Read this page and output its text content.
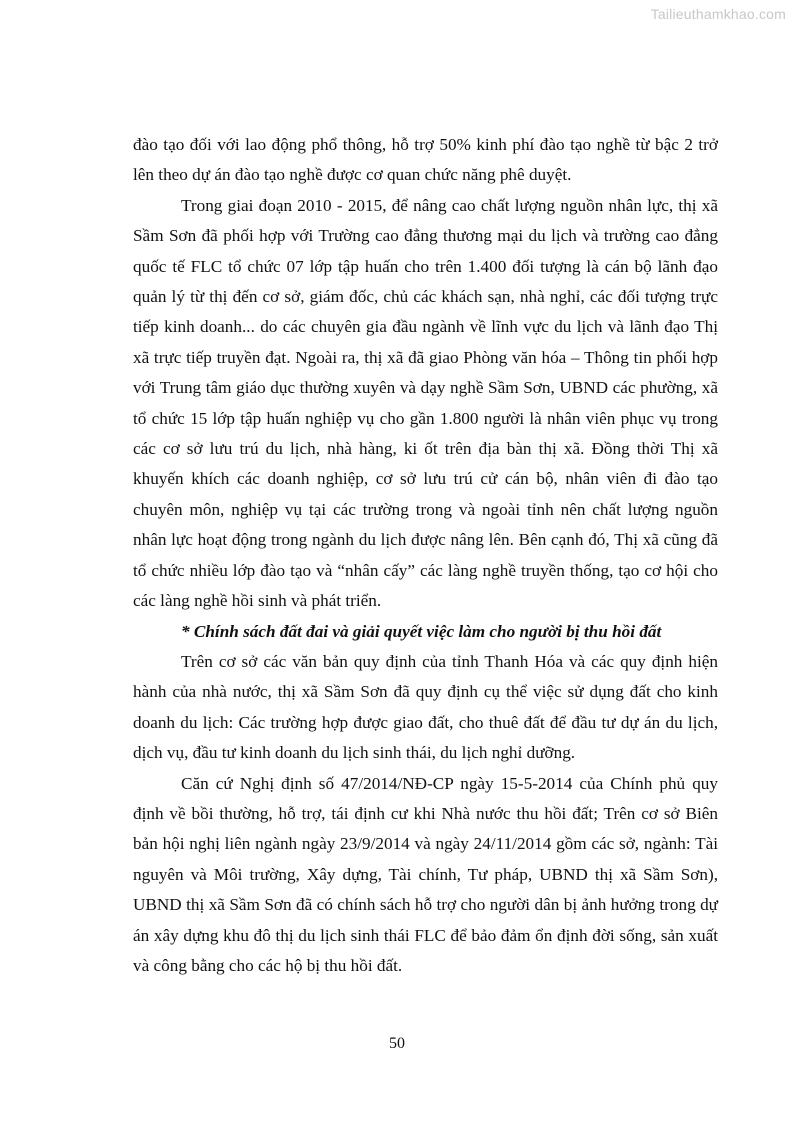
Tailieuthamkhao.com

đào tạo đối với lao động phổ thông, hỗ trợ 50% kinh phí đào tạo nghề từ bậc 2 trở lên theo dự án đào tạo nghề được cơ quan chức năng phê duyệt.

Trong giai đoạn 2010 - 2015, để nâng cao chất lượng nguồn nhân lực, thị xã Sầm Sơn đã phối hợp với Trường cao đẳng thương mại du lịch và trường cao đẳng quốc tế FLC tổ chức 07 lớp tập huấn cho trên 1.400 đối tượng là cán bộ lãnh đạo quản lý từ thị đến cơ sở, giám đốc, chủ các khách sạn, nhà nghỉ, các đối tượng trực tiếp kinh doanh... do các chuyên gia đầu ngành về lĩnh vực du lịch và lãnh đạo Thị xã trực tiếp truyền đạt. Ngoài ra, thị xã đã giao Phòng văn hóa – Thông tin phối hợp với Trung tâm giáo dục thường xuyên và dạy nghề Sầm Sơn, UBND các phường, xã tổ chức 15 lớp tập huấn nghiệp vụ cho gần 1.800 người là nhân viên phục vụ trong các cơ sở lưu trú du lịch, nhà hàng, ki ốt trên địa bàn thị xã. Đồng thời Thị xã khuyến khích các doanh nghiệp, cơ sở lưu trú cử cán bộ, nhân viên đi đào tạo chuyên môn, nghiệp vụ tại các trường trong và ngoài tỉnh nên chất lượng nguồn nhân lực hoạt động trong ngành du lịch được nâng lên. Bên cạnh đó, Thị xã cũng đã tổ chức nhiều lớp đào tạo và “nhân cấy” các làng nghề truyền thống, tạo cơ hội cho các làng nghề hồi sinh và phát triển.

* Chính sách đất đai và giải quyết việc làm cho người bị thu hồi đất

Trên cơ sở các văn bản quy định của tỉnh Thanh Hóa và các quy định hiện hành của nhà nước, thị xã Sầm Sơn đã quy định cụ thể việc sử dụng đất cho kinh doanh du lịch: Các trường hợp được giao đất, cho thuê đất để đầu tư dự án du lịch, dịch vụ, đầu tư kinh doanh du lịch sinh thái, du lịch nghỉ dưỡng.

Căn cứ Nghị định số 47/2014/NĐ-CP ngày 15-5-2014 của Chính phủ quy định về bồi thường, hỗ trợ, tái định cư khi Nhà nước thu hồi đất; Trên cơ sở Biên bản hội nghị liên ngành ngày 23/9/2014 và ngày 24/11/2014 gồm các sở, ngành: Tài nguyên và Môi trường, Xây dựng, Tài chính, Tư pháp, UBND thị xã Sầm Sơn), UBND thị xã Sầm Sơn đã có chính sách hỗ trợ cho người dân bị ảnh hưởng trong dự án xây dựng khu đô thị du lịch sinh thái FLC để bảo đảm ổn định đời sống, sản xuất và công bằng cho các hộ bị thu hồi đất.

50
